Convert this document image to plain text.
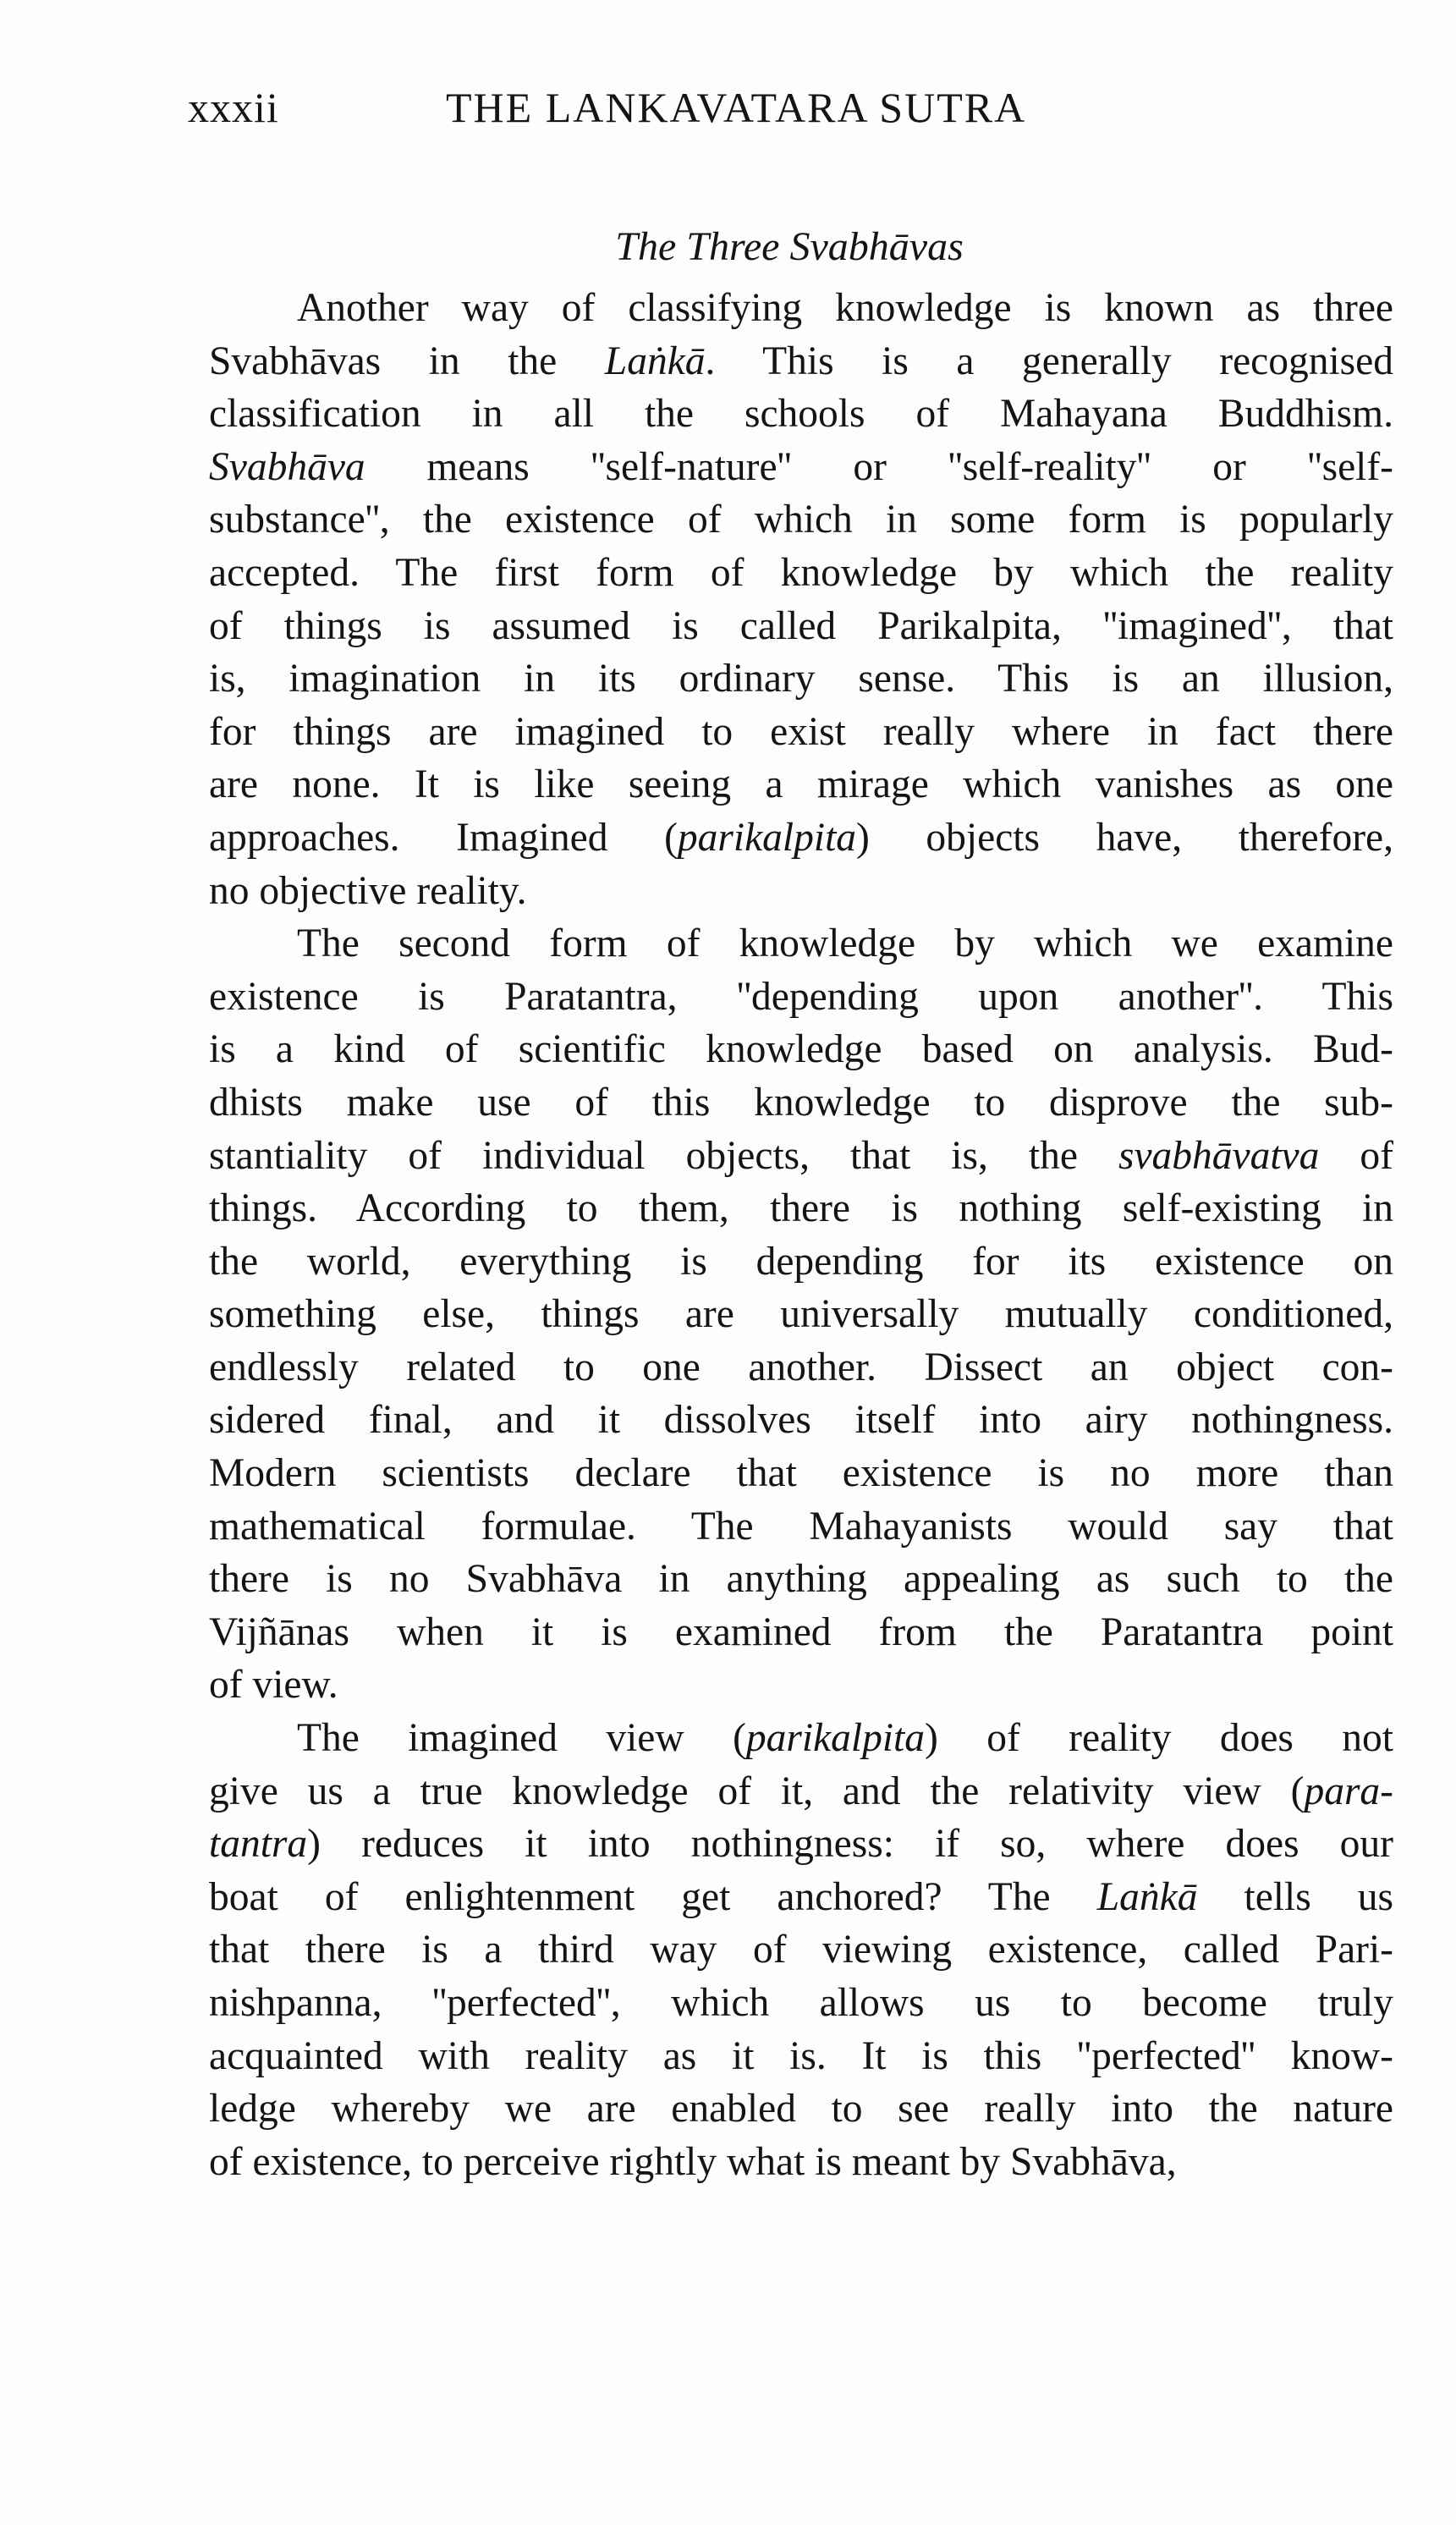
xxxii	THE LANKAVATARA SUTRA
The Three Svabhāvas
Another way of classifying knowledge is known as three
Svabhāvas in the Laṅkā. This is a generally recognised
classification in all the schools of Mahayana Buddhism.
Svabhāva means ''self-nature'' or ''self-reality'' or ''self-
substance'', the existence of which in some form is popularly
accepted. The first form of knowledge by which the reality
of things is assumed is called Parikalpita, ''imagined'', that
is, imagination in its ordinary sense. This is an illusion,
for things are imagined to exist really where in fact there
are none. It is like seeing a mirage which vanishes as one
approaches. Imagined (parikalpita) objects have, therefore,
no objective reality.
The second form of knowledge by which we examine
existence is Paratantra, ''depending upon another''. This
is a kind of scientific knowledge based on analysis. Bud-
dhists make use of this knowledge to disprove the sub-
stantiality of individual objects, that is, the svabhāvatva of
things. According to them, there is nothing self-existing in
the world, everything is depending for its existence on
something else, things are universally mutually conditioned,
endlessly related to one another. Dissect an object con-
sidered final, and it dissolves itself into airy nothingness.
Modern scientists declare that existence is no more than
mathematical formulae. The Mahayanists would say that
there is no Svabhāva in anything appealing as such to the
Vijñānas when it is examined from the Paratantra point
of view.
The imagined view (parikalpita) of reality does not
give us a true knowledge of it, and the relativity view (para-
tantra) reduces it into nothingness: if so, where does our
boat of enlightenment get anchored? The Laṅkā tells us
that there is a third way of viewing existence, called Pari-
nishpanna, ''perfected'', which allows us to become truly
acquainted with reality as it is. It is this ''perfected'' know-
ledge whereby we are enabled to see really into the nature
of existence, to perceive rightly what is meant by Svabhāva,
